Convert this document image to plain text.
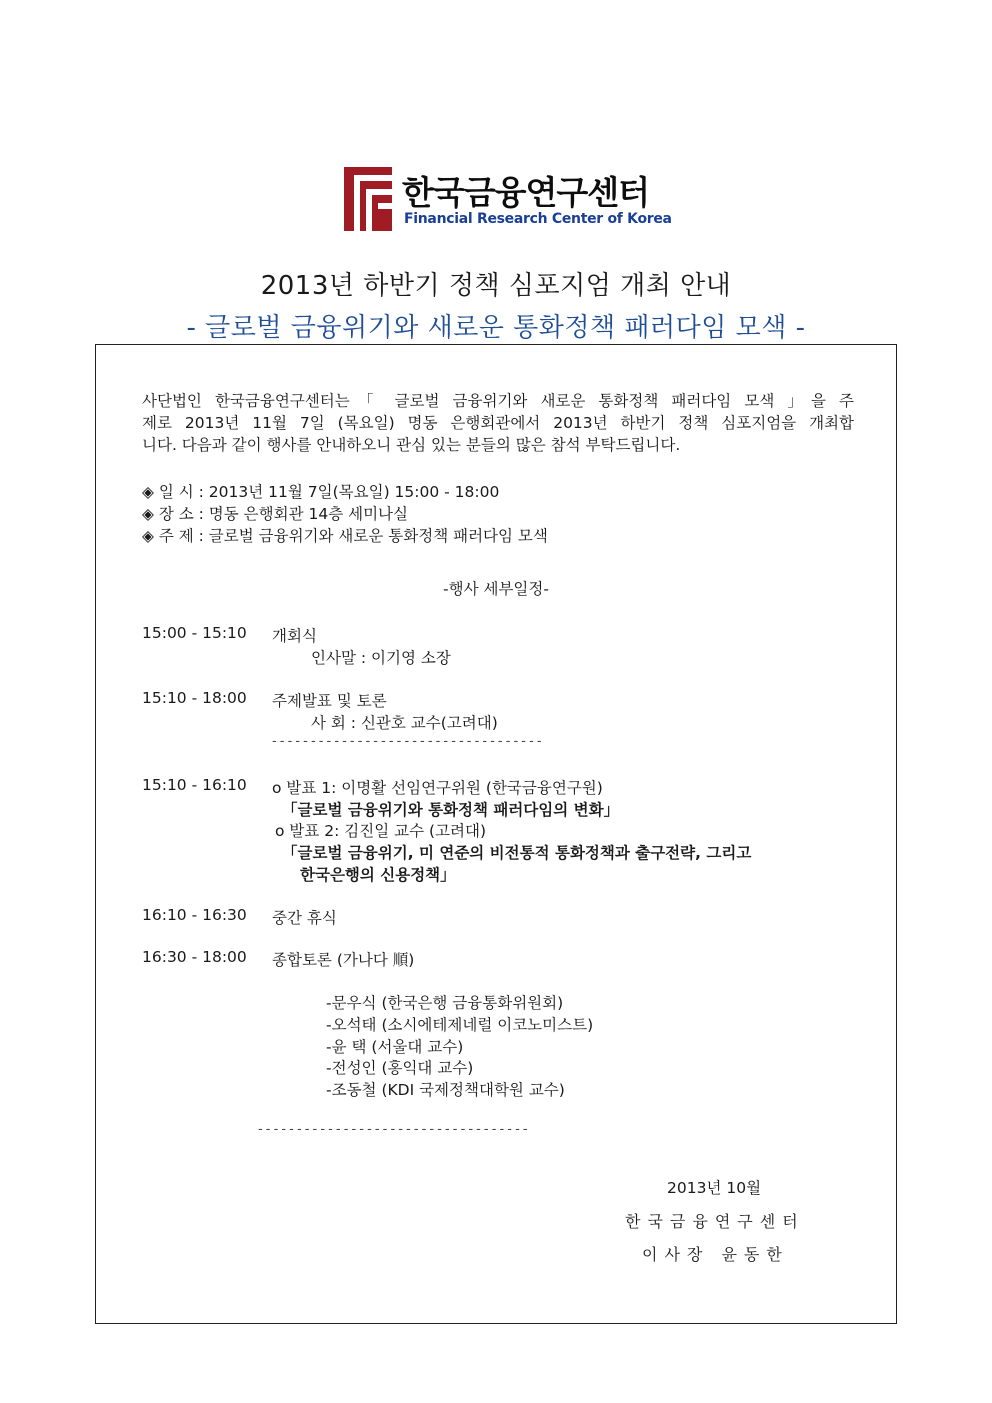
한국금융연구센터
Financial Research Center of Korea
2013년 하반기 정책 심포지엄 개최 안내
- 글로벌 금융위기와 새로운 통화정책 패러다임 모색 -

사단법인 한국금융연구센터는「 글로벌 금융위기와 새로운 통화정책 패러다임 모색 」을 주

제로 2013년 11월 7일 (목요일) 명동 은행회관에서 2013년 하반기 정책 심포지엄을 개최합

니다. 다음과 같이 행사를 안내하오니 관심 있는 분들의 많은 참석 부탁드립니다.

◈ 일 시 : 2013년 11월 7일(목요일) 15:00 - 18:00
◈ 장 소 : 명동 은행회관 14층 세미나실
◈ 주 제 : 글로벌 금융위기와 새로운 통화정책 패러다임 모색
-행사 세부일정-
15:00 - 15:10 개회식
인사말 : 이기영 소장
15:10 - 18:00 주제발표 및 토론
사 회 : 신관호 교수(고려대)
-----------------------------------
15:10 - 16:10 ο 발표 1: 이명활 선임연구위원 (한국금융연구원)
「글로벌 금융위기와 통화정책 패러다임의 변화」
ο 발표 2: 김진일 교수 (고려대)
「글로벌 금융위기, 미 연준의 비전통적 통화정책과 출구전략, 그리고
한국은행의 신용정책」
16:10 - 16:30 중간 휴식
16:30 - 18:00 종합토론 (가나다 順)
-문우식 (한국은행 금융통화위원회)
-오석태 (소시에테제네럴 이코노미스트)
-윤 택 (서울대 교수)
-전성인 (홍익대 교수)
-조동철 (KDI 국제정책대학원 교수)
-----------------------------------
2013년 10월
한국금융연구센터
이사장 윤동한
